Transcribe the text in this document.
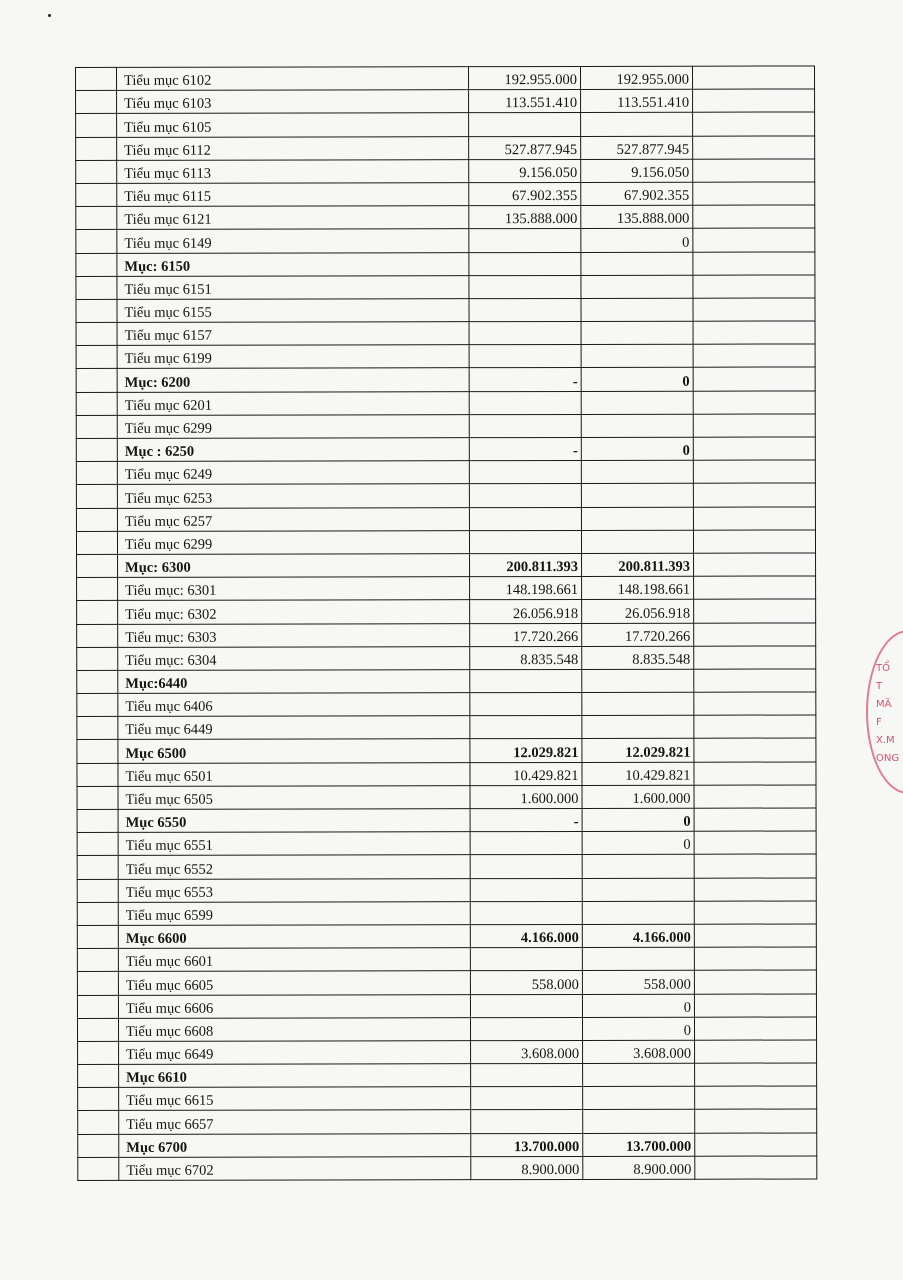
	Tiểu mục 6102	192.955.000	192.955.000	
	Tiểu mục 6103	113.551.410	113.551.410	
	Tiểu mục 6105			
	Tiểu mục 6112	527.877.945	527.877.945	
	Tiểu mục 6113	9.156.050	9.156.050	
	Tiểu mục 6115	67.902.355	67.902.355	
	Tiểu mục 6121	135.888.000	135.888.000	
	Tiểu mục 6149		0	
	Mục: 6150			
	Tiểu mục 6151			
	Tiểu mục 6155			
	Tiểu mục 6157			
	Tiểu mục 6199			
	Mục: 6200	-	0	
	Tiểu mục 6201			
	Tiểu mục 6299			
	Mục : 6250	-	0	
	Tiểu mục 6249			
	Tiểu mục 6253			
	Tiểu mục 6257			
	Tiểu mục 6299			
	Mục: 6300	200.811.393	200.811.393	
	Tiểu mục: 6301	148.198.661	148.198.661	
	Tiểu mục: 6302	26.056.918	26.056.918	
	Tiểu mục: 6303	17.720.266	17.720.266	
	Tiểu mục: 6304	8.835.548	8.835.548	
	Mục:6440			
	Tiểu mục 6406			
	Tiểu mục 6449			
	Mục 6500	12.029.821	12.029.821	
	Tiểu mục 6501	10.429.821	10.429.821	
	Tiểu mục 6505	1.600.000	1.600.000	
	Mục 6550	-	0	
	Tiểu mục 6551		0	
	Tiểu mục 6552			
	Tiểu mục 6553			
	Tiểu mục 6599			
	Mục 6600	4.166.000	4.166.000	
	Tiểu mục 6601			
	Tiểu mục 6605	558.000	558.000	
	Tiểu mục 6606		0	
	Tiểu mục 6608		0	
	Tiểu mục 6649	3.608.000	3.608.000	
	Mục 6610			
	Tiểu mục 6615			
	Tiểu mục 6657			
	Mục 6700	13.700.000	13.700.000	
	Tiểu mục 6702	8.900.000	8.900.000	
TỔ
T
MÃ
F
X.M
ONG
